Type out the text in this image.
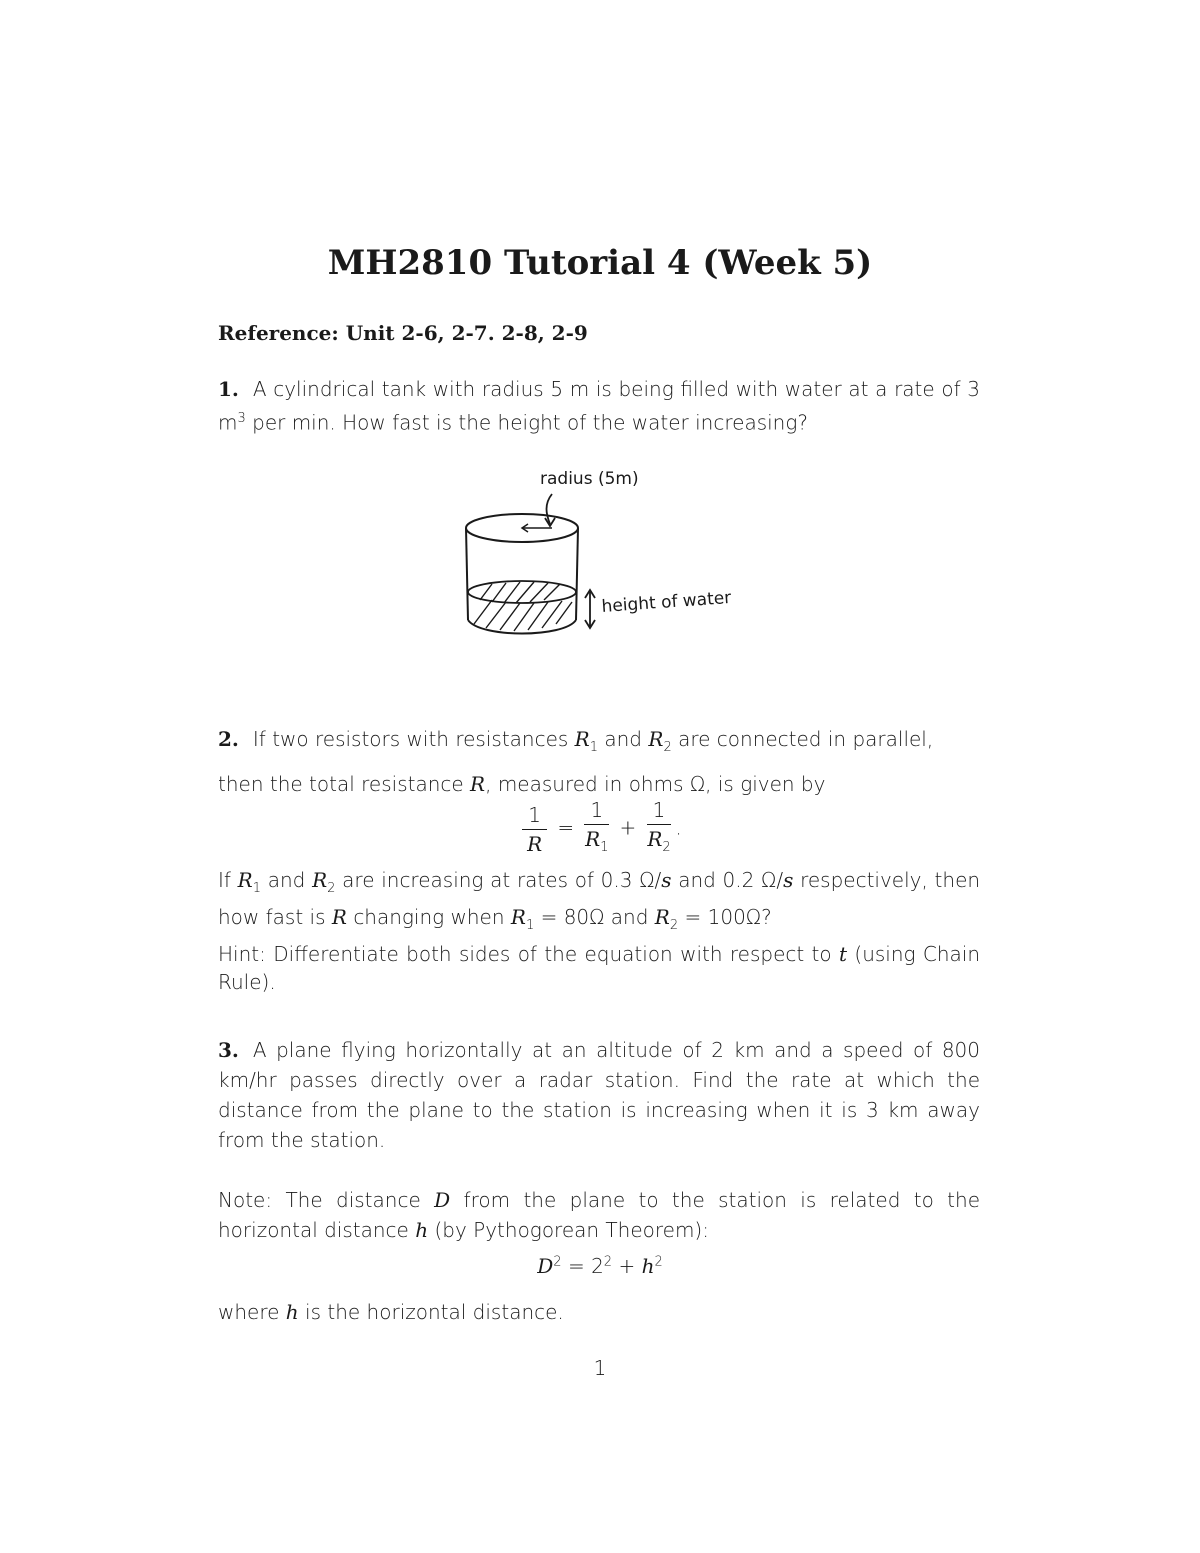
MH2810 Tutorial 4 (Week 5)
Reference: Unit 2-6, 2-7. 2-8, 2-9
1. A cylindrical tank with radius 5 m is being filled with water at a rate of 3 $m^3$ per min. How fast is the height of the water increasing?
radius (5m)
height of water
2. If two resistors with resistances $R_1$ and $R_2$ are connected in parallel,
then the total resistance R, measured in ohms Ω, is given by
$\frac{1}{R} = \frac{1}{R_1} + \frac{1}{R_2}$ .
If $R_1$ and $R_2$ are increasing at rates of 0.3 Ω/s and 0.2 Ω/s respectively, then how fast is R changing when $R_1 = 80\Omega$ and $R_2 = 100\Omega$?
Hint: Differentiate both sides of the equation with respect to t (using Chain Rule).
3. A plane flying horizontally at an altitude of 2 km and a speed of 800 km/hr passes directly over a radar station. Find the rate at which the distance from the plane to the station is increasing when it is 3 km away from the station.
Note: The distance D from the plane to the station is related to the horizontal distance h (by Pythogorean Theorem):
$D^2 = 2^2 + h^2$
where h is the horizontal distance.
1
